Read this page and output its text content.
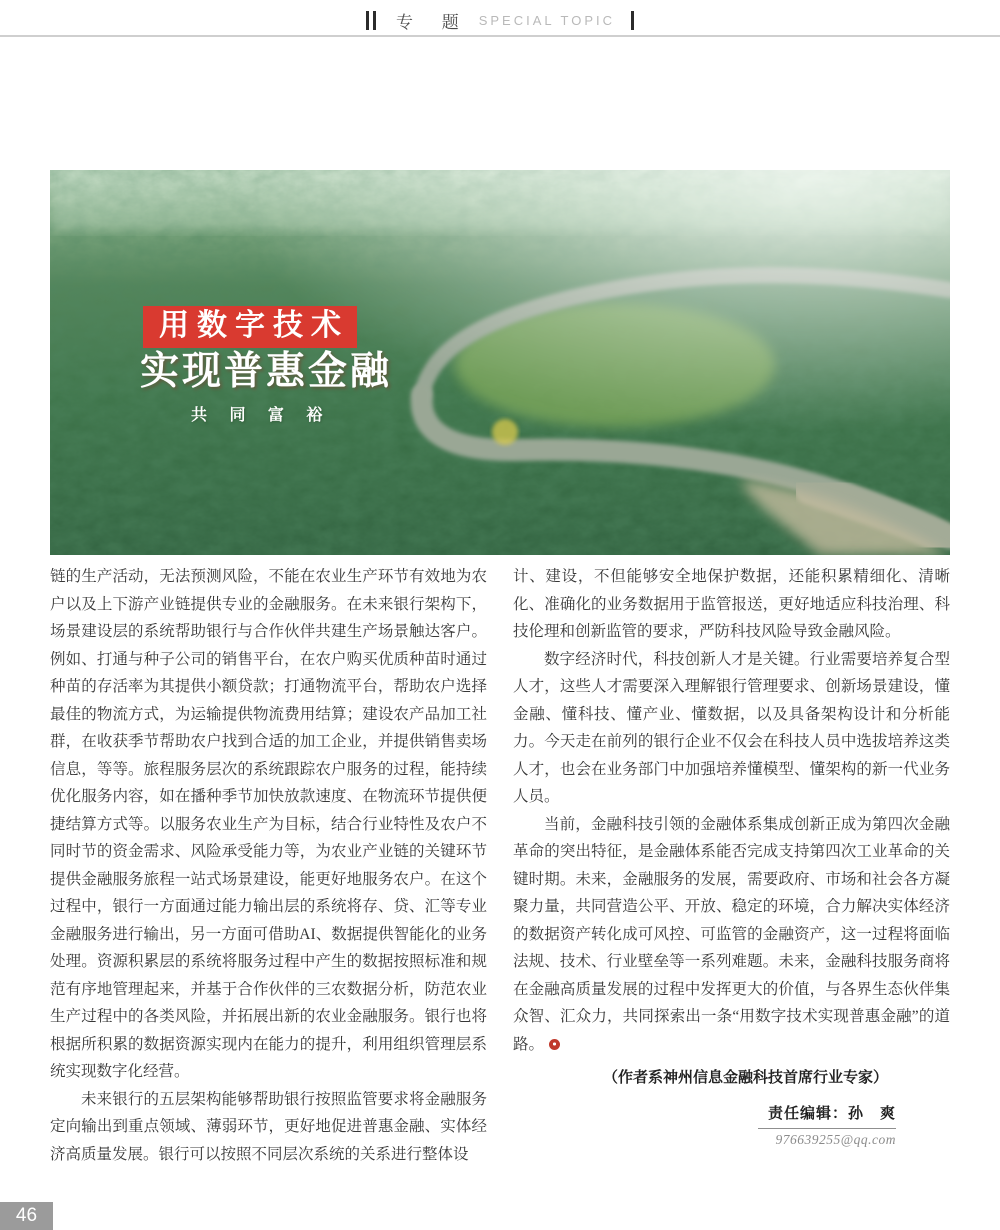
专 题 SPECIAL TOPIC
用数字技术
实现普惠金融
共 同 富 裕

链的生产活动，无法预测风险，不能在农业生产环节有效地为农户以及上下游产业链提供专业的金融服务。在未来银行架构下，场景建设层的系统帮助银行与合作伙伴共建生产场景触达客户。例如、打通与种子公司的销售平台，在农户购买优质种苗时通过种苗的存活率为其提供小额贷款；打通物流平台，帮助农户选择最佳的物流方式，为运输提供物流费用结算；建设农产品加工社群，在收获季节帮助农户找到合适的加工企业，并提供销售卖场信息，等等。旅程服务层次的系统跟踪农户服务的过程，能持续优化服务内容，如在播种季节加快放款速度、在物流环节提供便捷结算方式等。以服务农业生产为目标，结合行业特性及农户不同时节的资金需求、风险承受能力等，为农业产业链的关键环节提供金融服务旅程一站式场景建设，能更好地服务农户。在这个过程中，银行一方面通过能力输出层的系统将存、贷、汇等专业金融服务进行输出，另一方面可借助AI、数据提供智能化的业务处理。资源积累层的系统将服务过程中产生的数据按照标准和规范有序地管理起来，并基于合作伙伴的三农数据分析，防范农业生产过程中的各类风险，并拓展出新的农业金融服务。银行也将根据所积累的数据资源实现内在能力的提升，利用组织管理层系统实现数字化经营。

未来银行的五层架构能够帮助银行按照监管要求将金融服务定向输出到重点领域、薄弱环节，更好地促进普惠金融、实体经济高质量发展。银行可以按照不同层次系统的关系进行整体设

计、建设，不但能够安全地保护数据，还能积累精细化、清晰化、准确化的业务数据用于监管报送，更好地适应科技治理、科技伦理和创新监管的要求，严防科技风险导致金融风险。

数字经济时代，科技创新人才是关键。行业需要培养复合型人才，这些人才需要深入理解银行管理要求、创新场景建设，懂金融、懂科技、懂产业、懂数据，以及具备架构设计和分析能力。今天走在前列的银行企业不仅会在科技人员中选拔培养这类人才，也会在业务部门中加强培养懂模型、懂架构的新一代业务人员。

当前，金融科技引领的金融体系集成创新正成为第四次金融革命的突出特征，是金融体系能否完成支持第四次工业革命的关键时期。未来，金融服务的发展，需要政府、市场和社会各方凝聚力量，共同营造公平、开放、稳定的环境，合力解决实体经济的数据资产转化成可风控、可监管的金融资产，这一过程将面临法规、技术、行业壁垒等一系列难题。未来，金融科技服务商将在金融高质量发展的过程中发挥更大的价值，与各界生态伙伴集众智、汇众力，共同探索出一条“用数字技术实现普惠金融”的道路。

（作者系神州信息金融科技首席行业专家）
责任编辑：孙　爽
976639255@qq.com
46
